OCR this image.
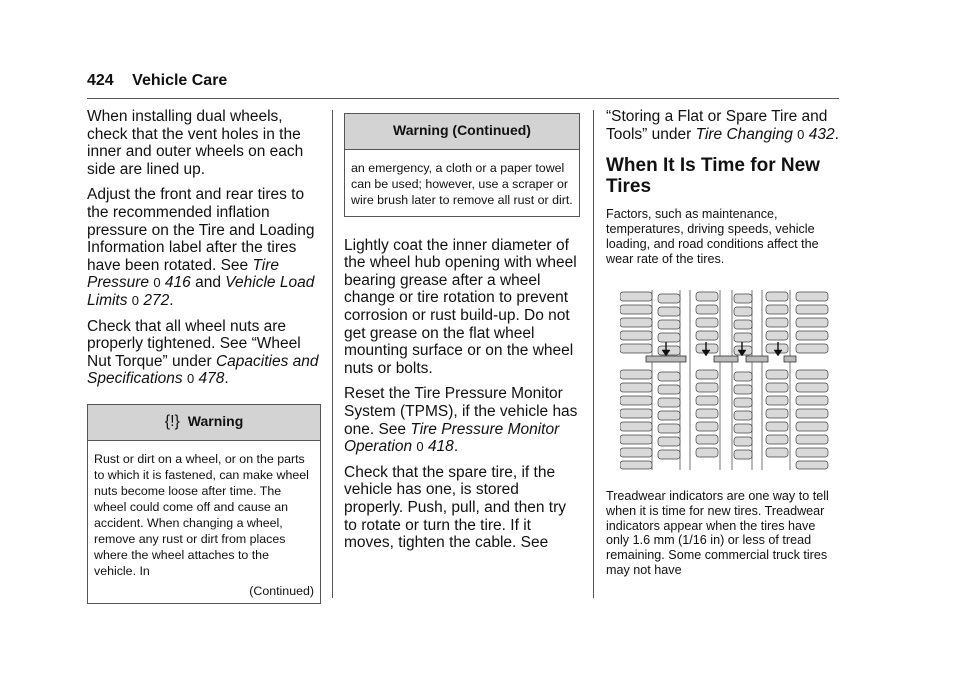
424 Vehicle Care

When installing dual wheels, check that the vent holes in the inner and outer wheels on each side are lined up.

Adjust the front and rear tires to the recommended inflation pressure on the Tire and Loading Information label after the tires have been rotated. See Tire Pressure 0 416 and Vehicle Load Limits 0 272.

Check that all wheel nuts are properly tightened. See “Wheel Nut Torque” under Capacities and Specifications 0 478.

{!} Warning
Rust or dirt on a wheel, or on the parts to which it is fastened, can make wheel nuts become loose after time. The wheel could come off and cause an accident. When changing a wheel, remove any rust or dirt from places where the wheel attaches to the vehicle. In
(Continued)
Warning (Continued)
an emergency, a cloth or a paper towel can be used; however, use a scraper or wire brush later to remove all rust or dirt.

Lightly coat the inner diameter of the wheel hub opening with wheel bearing grease after a wheel change or tire rotation to prevent corrosion or rust build-up. Do not get grease on the flat wheel mounting surface or on the wheel nuts or bolts.

Reset the Tire Pressure Monitor System (TPMS), if the vehicle has one. See Tire Pressure Monitor Operation 0 418.

Check that the spare tire, if the vehicle has one, is stored properly. Push, pull, and then try to rotate or turn the tire. If it moves, tighten the cable. See

“Storing a Flat or Spare Tire and Tools” under Tire Changing 0 432.

When It Is Time for New Tires

Factors, such as maintenance, temperatures, driving speeds, vehicle loading, and road conditions affect the wear rate of the tires.

Treadwear indicators are one way to tell when it is time for new tires. Treadwear indicators appear when the tires have only 1.6 mm (1/16 in) or less of tread remaining. Some commercial truck tires may not have
